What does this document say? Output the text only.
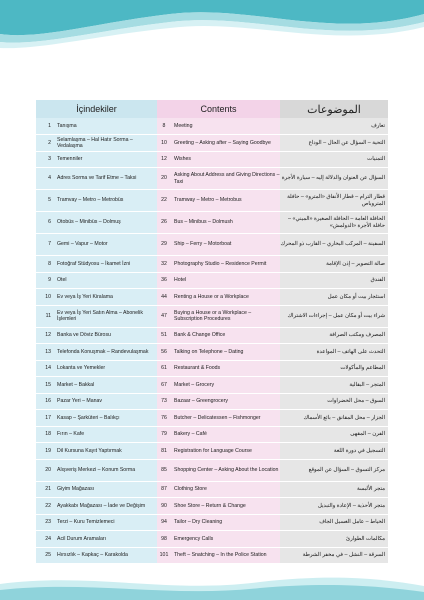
İçindekiler		Contents		الموضوعات
1	Tanışma	8	Meeting	تعارف
2	Selamlaşma – Hal Hatır Sorma – Vedalaşma	10	Greeting – Asking after – Saying Goodbye	التحية – السؤال عن الحال – الوداع
3	Temenniler	12	Wishes	التمنيات
4	Adres Sorma ve Tarif Etme – Taksi	20	Asking About Address and Giving Directions – Taxi	السؤال عن العنوان والدلالة إليه – سيارة الأجرة
5	Tramvay – Metro – Metrobüs	22	Tramway – Metro – Metrobus	قطار الترام – قطار الأنفاق «المترو» – حافلة المتروباص
6	Otobüs – Minibüs – Dolmuş	26	Bus – Minibus – Dolmush	الحافلة العامة – الحافلة الصغيرة «الميني» – حافلة الأجرة «الدولمش»
7	Gemi – Vapur – Motor	29	Ship – Ferry – Motorboat	السفينة – المركب البخاري – القارب ذو المحرك
8	Fotoğraf Stüdyosu – İkamet İzni	32	Photography Studio – Residence Permit	صالة التصوير – إذن الإقامة
9	Otel	36	Hotel	الفندق
10	Ev veya İş Yeri Kiralama	44	Renting a House or a Workplace	استئجار بيت أو مكان عمل
11	Ev veya İş Yeri Satın Alma – Abonelik İşlemleri	47	Buying a House or a Workplace – Subscription Procedures	شراء بيت أو مكان عمل – إجراءات الاشتراك
12	Banka ve Döviz Bürosu	51	Bank & Change Office	المصرف ومكتب الصرافة
13	Telefonda Konuşmak – Randevulaşmak	56	Talking on Telephone – Dating	التحدث على الهاتف – المواعدة
14	Lokanta ve Yemekler	61	Restaurant & Foods	المطاعم والمأكولات
15	Market – Bakkal	67	Market – Grocery	المتجر – البقالية
16	Pazar Yeri – Manav	73	Bazaar – Greengrocery	السوق – محل الخضراوات
17	Kasap – Şarküteri – Balıkçı	76	Butcher – Delicatessen – Fishmonger	الجزار – محل المقانق – بائع الأسماك
18	Fırın – Kafe	79	Bakery – Café	الفرن – المقهى
19	Dil Kursuna Kayıt Yaptırmak	81	Registration for Language Course	التسجيل في دورة اللغة
20	Alışveriş Merkezi – Konum Sorma	85	Shopping Center – Asking About the Location	مركز التسوق – السؤال عن الموقع
21	Giyim Mağazası	87	Clothing Store	متجر الألبسة
22	Ayakkabı Mağazası – İade ve Değişim	90	Shoe Store – Return & Change	متجر الأحذية – الإعادة والتبديل
23	Terzi – Kuru Temizlemeci	94	Tailor – Dry Cleaning	الخياط – عامل الغسيل الجاف
24	Acil Durum Aramaları	98	Emergency Calls	مكالمات الطوارئ
25	Hırsızlık – Kapkaç – Karakolda	101	Theft – Snatching – In the Police Station	السرقة – النشل – في مخفر الشرطة
